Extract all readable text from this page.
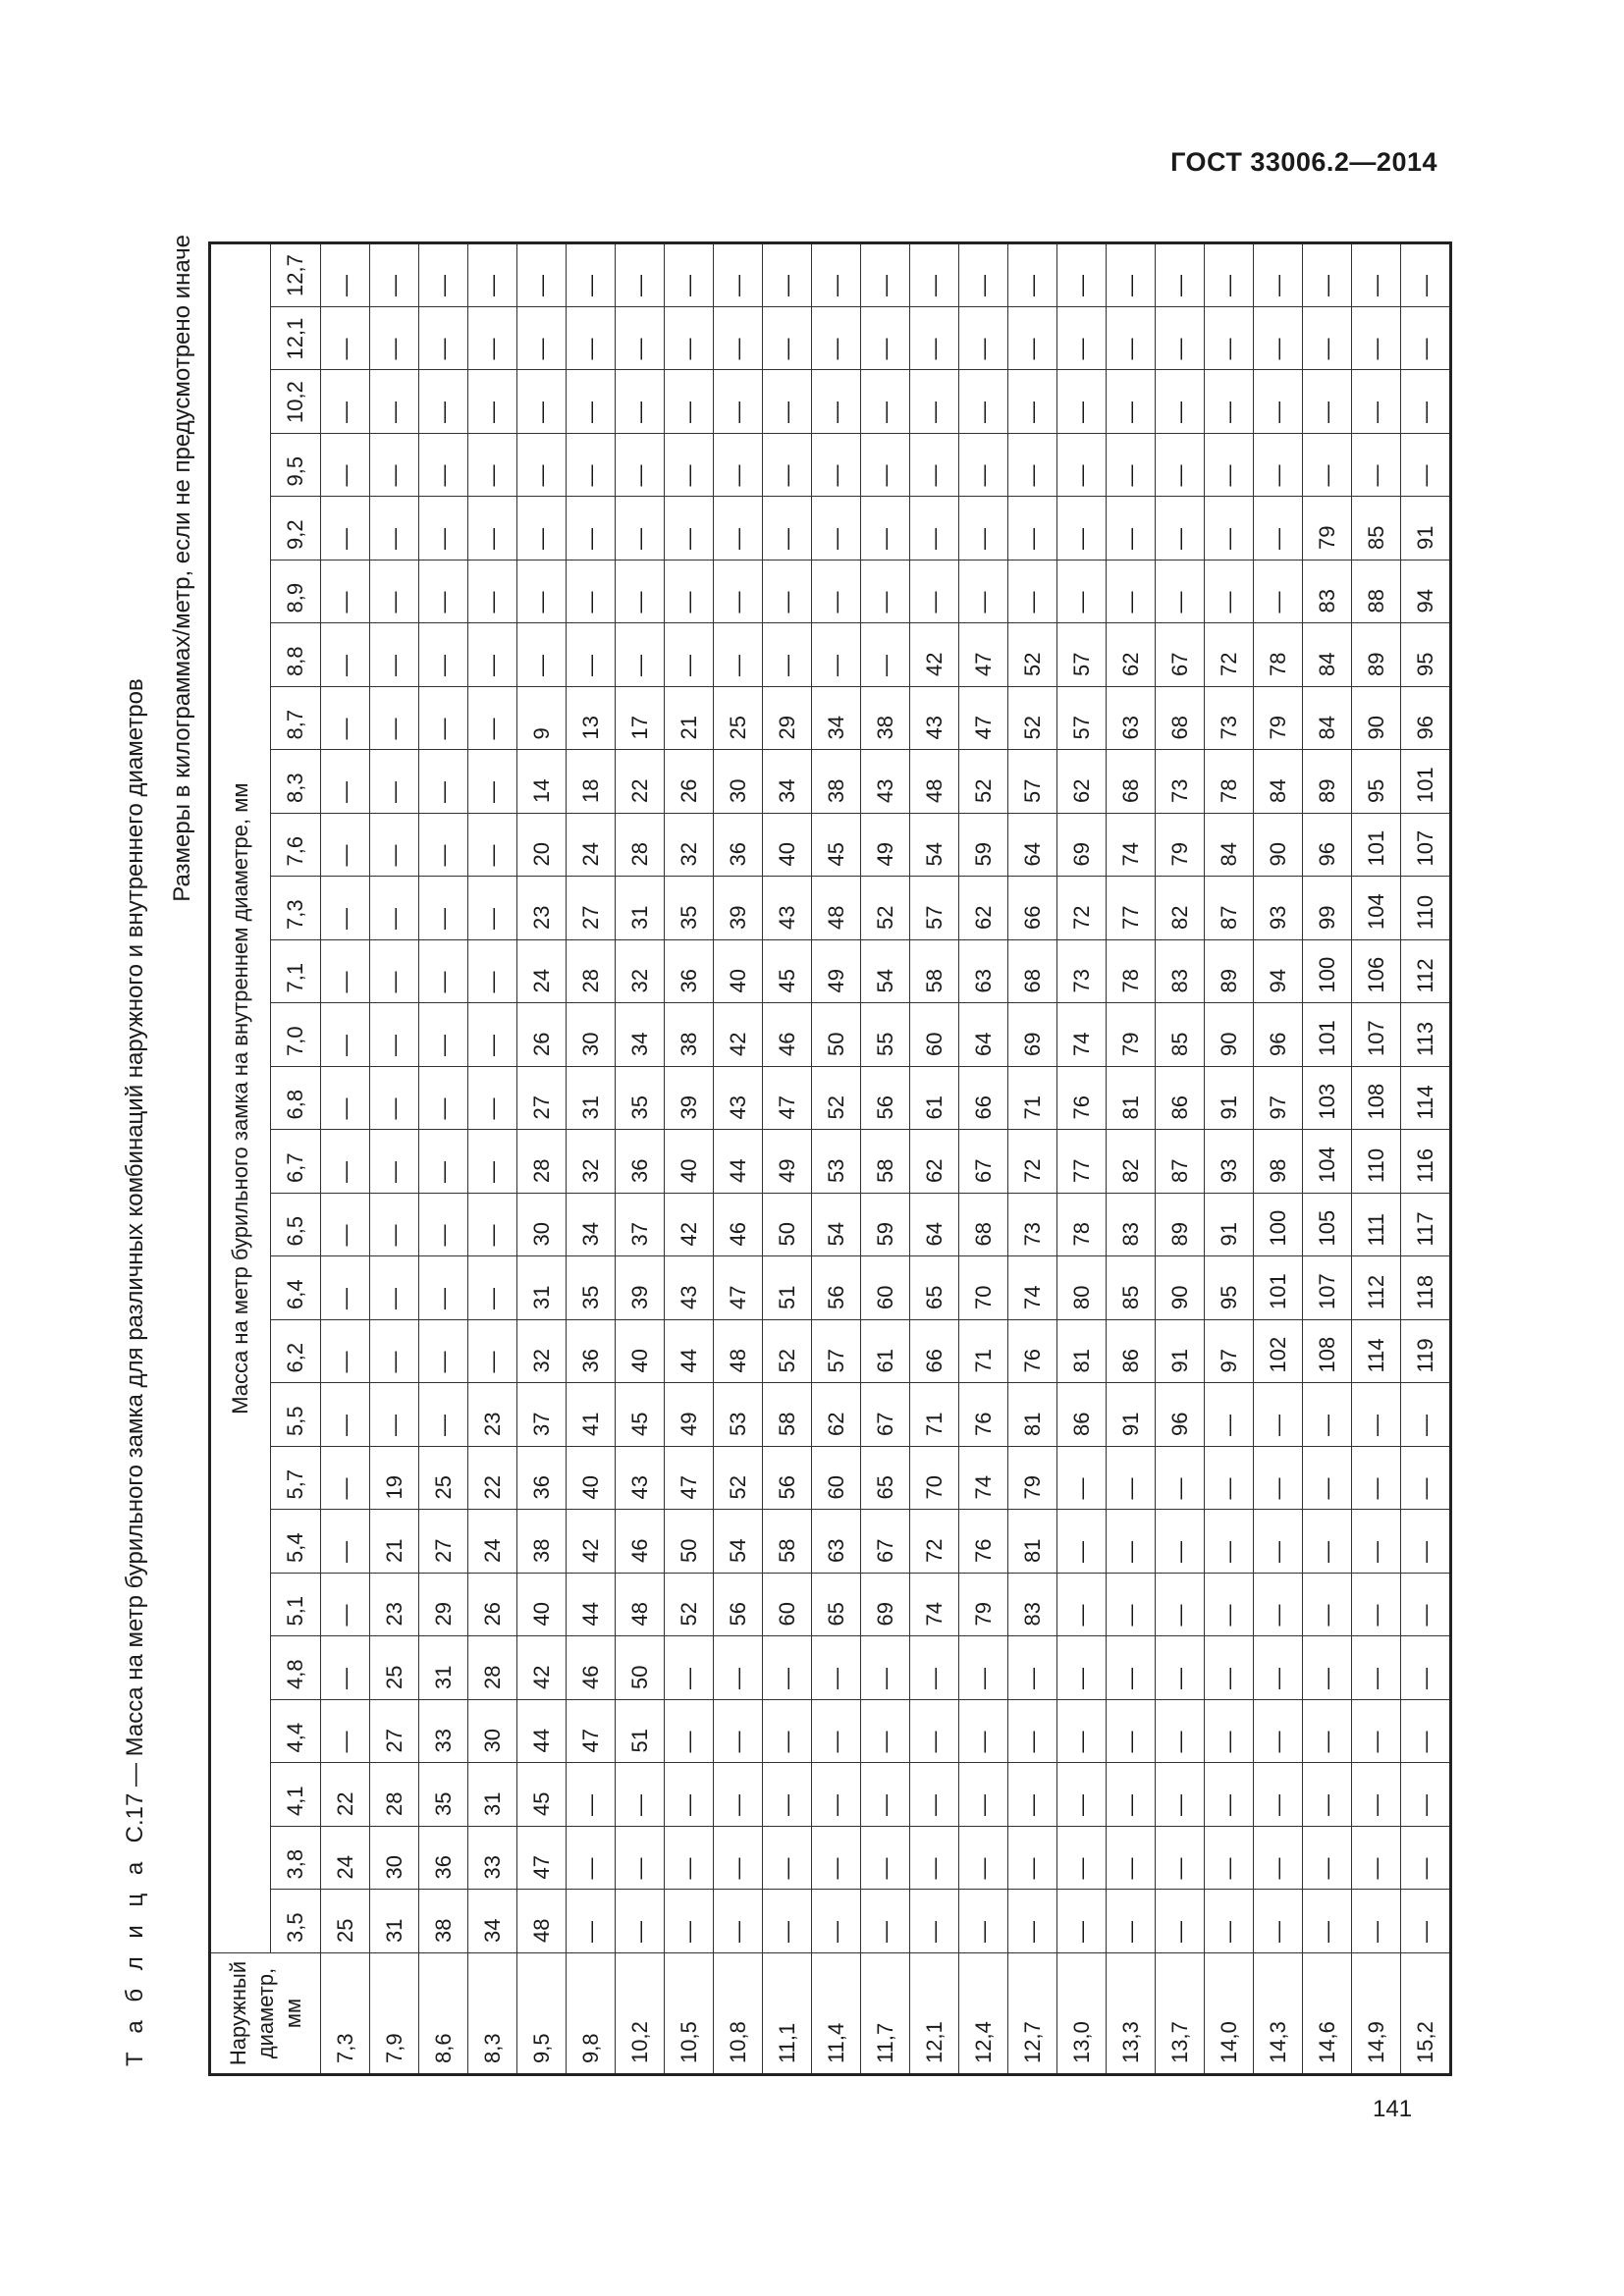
ГОСТ 33006.2—2014
Т а б л и ц а  С.17 — Масса на метр бурильного замка для различных комбинаций наружного и внутреннего диаметров
Размеры в килограммах/метр, если не предусмотрено иначе
Наружный диаметр, мм	Масса на метр бурильного замка на внутреннем диаметре, мм																										
	3,5	3,8	4,1	4,4	4,8	5,1	5,4	5,7	5,5	6,2	6,4	6,5	6,7	6,8	7,0	7,1	7,3	7,6	8,3	8,7	8,8	8,9	9,2	9,5	10,2	12,1	12,7
7,3	25	24	22	—	—	—	—	—	—	—	—	—	—	—	—	—	—	—	—	—	—	—	—	—	—	—	—
7,9	31	30	28	27	25	23	21	19	—	—	—	—	—	—	—	—	—	—	—	—	—	—	—	—	—	—	—
8,6	38	36	35	33	31	29	27	25	—	—	—	—	—	—	—	—	—	—	—	—	—	—	—	—	—	—	—
8,3	34	33	31	30	28	26	24	22	23	—	—	—	—	—	—	—	—	—	—	—	—	—	—	—	—	—	—
9,5	48	47	45	44	42	40	38	36	37	32	31	30	28	27	26	24	23	20	14	9	—	—	—	—	—	—	—
9,8	—	—	—	47	46	44	42	40	41	36	35	34	32	31	30	28	27	24	18	13	—	—	—	—	—	—	—
10,2	—	—	—	51	50	48	46	43	45	40	39	37	36	35	34	32	31	28	22	17	—	—	—	—	—	—	—
10,5	—	—	—	—	—	52	50	47	49	44	43	42	40	39	38	36	35	32	26	21	—	—	—	—	—	—	—
10,8	—	—	—	—	—	56	54	52	53	48	47	46	44	43	42	40	39	36	30	25	—	—	—	—	—	—	—
11,1	—	—	—	—	—	60	58	56	58	52	51	50	49	47	46	45	43	40	34	29	—	—	—	—	—	—	—
11,4	—	—	—	—	—	65	63	60	62	57	56	54	53	52	50	49	48	45	38	34	—	—	—	—	—	—	—
11,7	—	—	—	—	—	69	67	65	67	61	60	59	58	56	55	54	52	49	43	38	—	—	—	—	—	—	—
12,1	—	—	—	—	—	74	72	70	71	66	65	64	62	61	60	58	57	54	48	43	42	—	—	—	—	—	—
12,4	—	—	—	—	—	79	76	74	76	71	70	68	67	66	64	63	62	59	52	47	47	—	—	—	—	—	—
12,7	—	—	—	—	—	83	81	79	81	76	74	73	72	71	69	68	66	64	57	52	52	—	—	—	—	—	—
13,0	—	—	—	—	—	—	—	—	86	81	80	78	77	76	74	73	72	69	62	57	57	—	—	—	—	—	—
13,3	—	—	—	—	—	—	—	—	91	86	85	83	82	81	79	78	77	74	68	63	62	—	—	—	—	—	—
13,7	—	—	—	—	—	—	—	—	96	91	90	89	87	86	85	83	82	79	73	68	67	—	—	—	—	—	—
14,0	—	—	—	—	—	—	—	—	—	97	95	91	93	91	90	89	87	84	78	73	72	—	—	—	—	—	—
14,3	—	—	—	—	—	—	—	—	—	102	101	100	98	97	96	94	93	90	84	79	78	—	—	—	—	—	—
14,6	—	—	—	—	—	—	—	—	—	108	107	105	104	103	101	100	99	96	89	84	84	83	79	—	—	—	—
14,9	—	—	—	—	—	—	—	—	—	114	112	111	110	108	107	106	104	101	95	90	89	88	85	—	—	—	—
15,2	—	—	—	—	—	—	—	—	—	119	118	117	116	114	113	112	110	107	101	96	95	94	91	—	—	—	—
141
